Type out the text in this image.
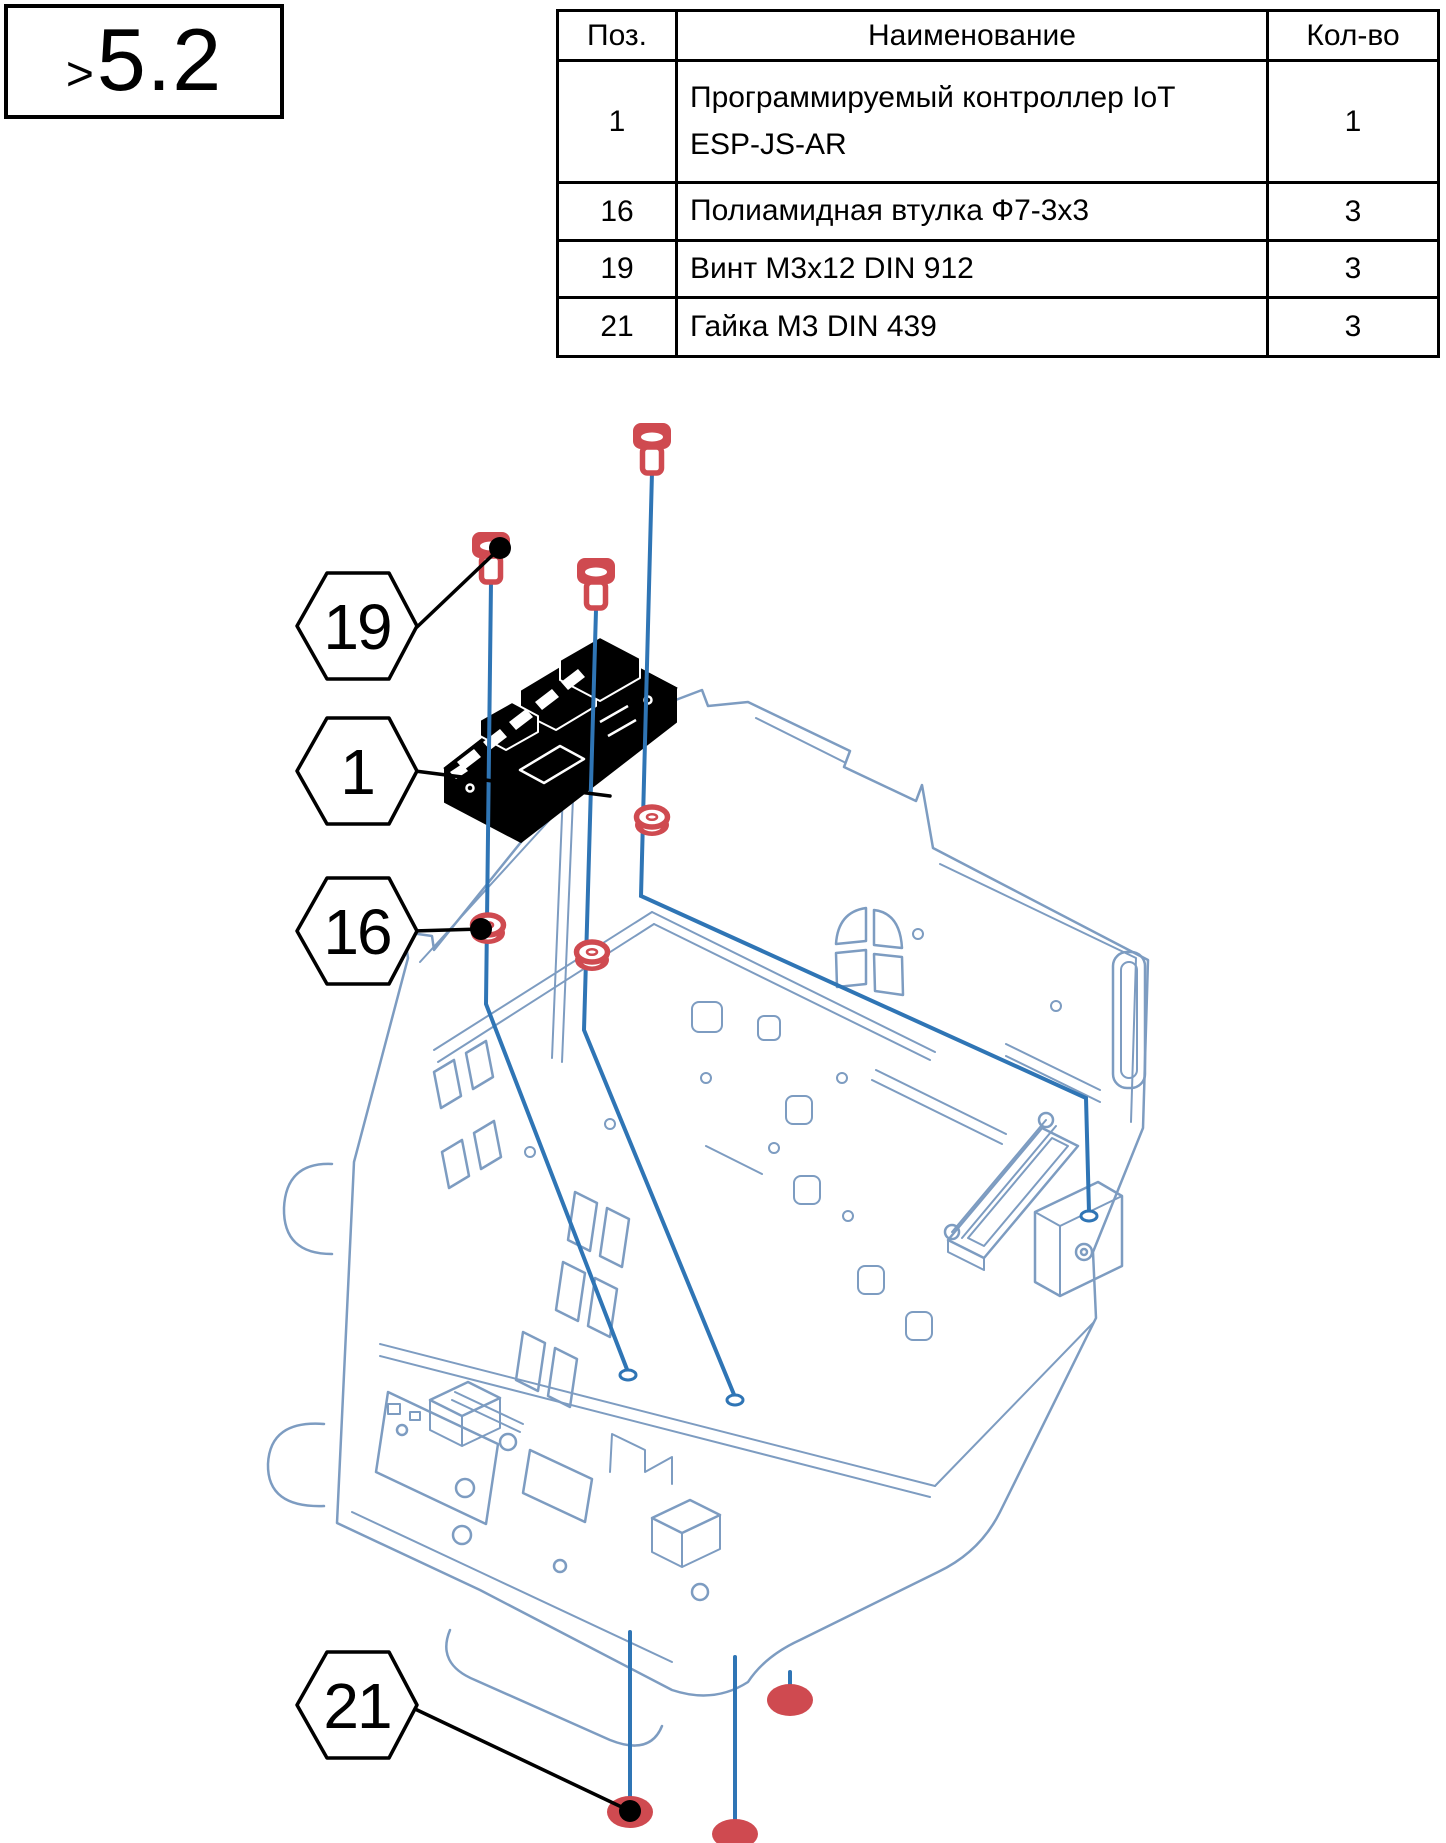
> 5.2	Поз.	Наименование	Кол-во
1	Программируемый контроллер IoT
ESP-JS-AR	1
16	Полиамидная втулка Ф7-3х3	3
19	Винт М3х12 DIN 912	3
21	Гайка М3 DIN 439	3
19
1
16
21
